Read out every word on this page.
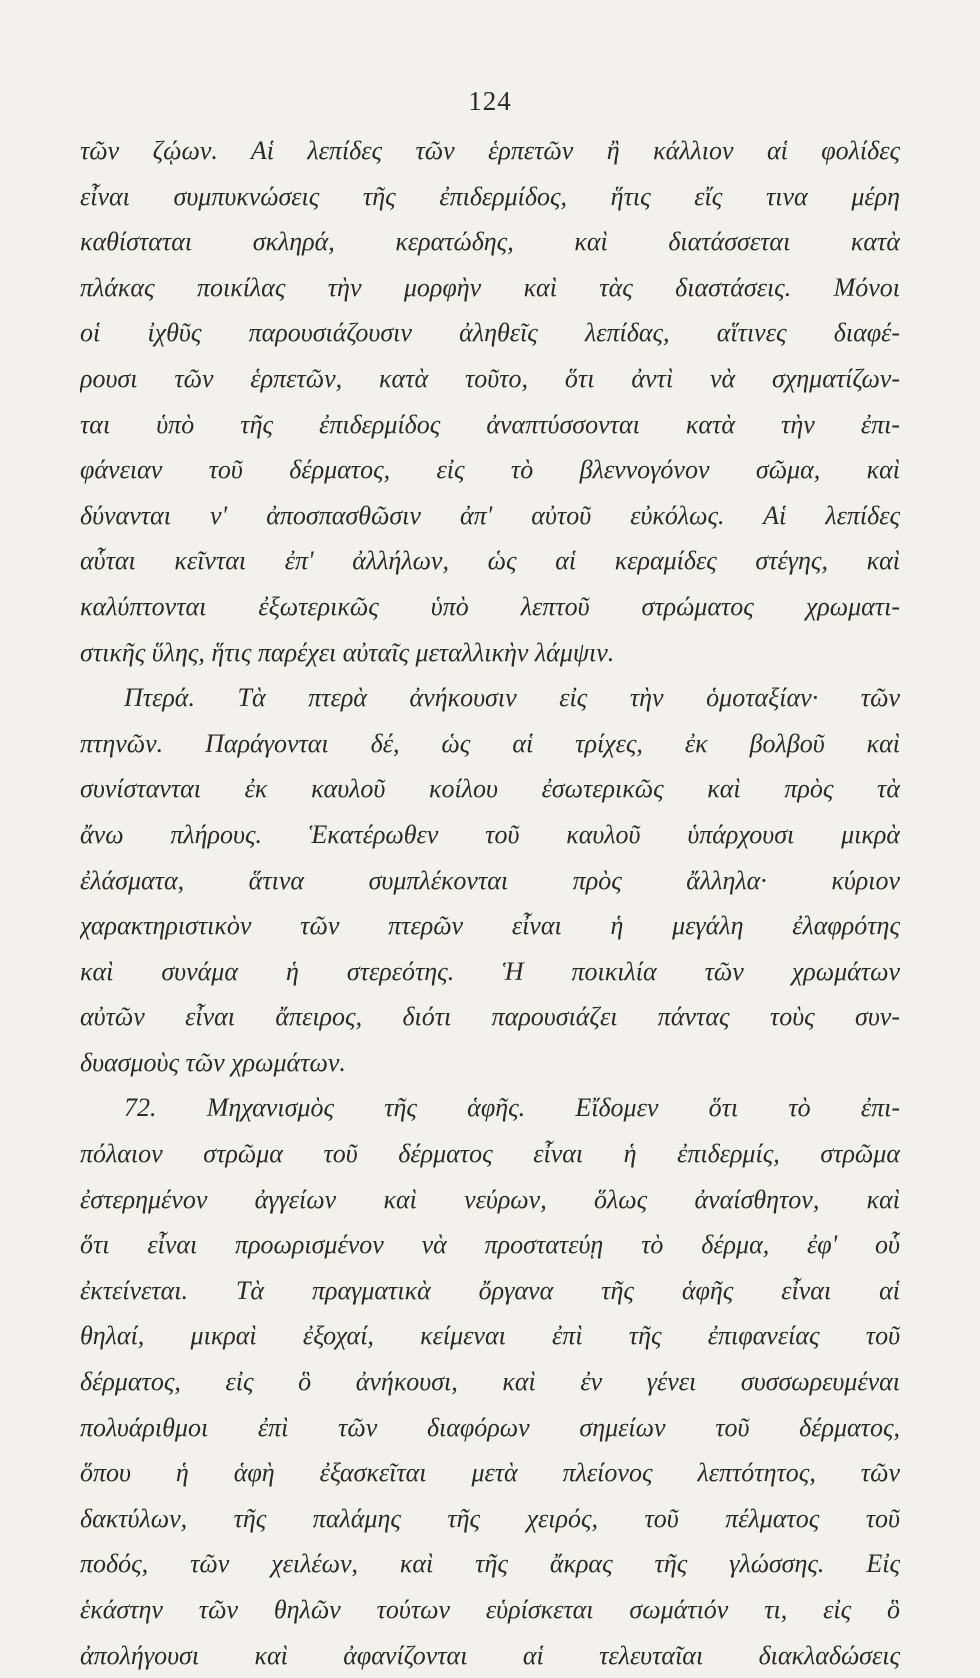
124
τῶν ζῴων. Αἱ λεπίδες τῶν ἑρπετῶν ἢ κάλλιον αἱ φολίδες
εἶναι συμπυκνώσεις τῆς ἐπιδερμίδος, ἥτις εἴς τινα μέρη
καθίσταται σκληρά, κερατώδης, καὶ διατάσσεται κατὰ
πλάκας ποικίλας τὴν μορφὴν καὶ τὰς διαστάσεις. Μόνοι
οἱ ἰχθῦς παρουσιάζουσιν ἀληθεῖς λεπίδας, αἵτινες διαφέ-
ρουσι τῶν ἑρπετῶν, κατὰ τοῦτο, ὅτι ἀντὶ νὰ σχηματίζων-
ται ὑπὸ τῆς ἐπιδερμίδος ἀναπτύσσονται κατὰ τὴν ἐπι-
φάνειαν τοῦ δέρματος, εἰς τὸ βλεννογόνον σῶμα, καὶ
δύνανται ν' ἀποσπασθῶσιν ἀπ' αὐτοῦ εὐκόλως. Αἱ λεπίδες
αὗται κεῖνται ἐπ' ἀλλήλων, ὡς αἱ κεραμίδες στέγης, καὶ
καλύπτονται ἐξωτερικῶς ὑπὸ λεπτοῦ στρώματος χρωματι-
στικῆς ὕλης, ἥτις παρέχει αὐταῖς μεταλλικὴν λάμψιν.
Πτερά. Τὰ πτερὰ ἀνήκουσιν εἰς τὴν ὁμοταξίαν· τῶν
πτηνῶν. Παράγονται δέ, ὡς αἱ τρίχες, ἐκ βολβοῦ καὶ
συνίστανται ἐκ καυλοῦ κοίλου ἐσωτερικῶς καὶ πρὸς τὰ
ἄνω πλήρους. Ἑκατέρωθεν τοῦ καυλοῦ ὑπάρχουσι μικρὰ
ἐλάσματα, ἅτινα συμπλέκονται πρὸς ἄλληλα· κύριον
χαρακτηριστικὸν τῶν πτερῶν εἶναι ἡ μεγάλη ἐλαφρότης
καὶ συνάμα ἡ στερεότης. Ἡ ποικιλία τῶν χρωμάτων
αὐτῶν εἶναι ἄπειρος, διότι παρουσιάζει πάντας τοὺς συν-
δυασμοὺς τῶν χρωμάτων.
72. Μηχανισμὸς τῆς ἁφῆς. Εἴδομεν ὅτι τὸ ἐπι-
πόλαιον στρῶμα τοῦ δέρματος εἶναι ἡ ἐπιδερμίς, στρῶμα
ἐστερημένον ἀγγείων καὶ νεύρων, ὅλως ἀναίσθητον, καὶ
ὅτι εἶναι προωρισμένον νὰ προστατεύῃ τὸ δέρμα, ἐφ' οὗ
ἐκτείνεται. Τὰ πραγματικὰ ὄργανα τῆς ἁφῆς εἶναι αἱ
θηλαί, μικραὶ ἐξοχαί, κείμεναι ἐπὶ τῆς ἐπιφανείας τοῦ
δέρματος, εἰς ὃ ἀνήκουσι, καὶ ἐν γένει συσσωρευμέναι
πολυάριθμοι ἐπὶ τῶν διαφόρων σημείων τοῦ δέρματος,
ὅπου ἡ ἁφὴ ἐξασκεῖται μετὰ πλείονος λεπτότητος, τῶν
δακτύλων, τῆς παλάμης τῆς χειρός, τοῦ πέλματος τοῦ
ποδός, τῶν χειλέων, καὶ τῆς ἄκρας τῆς γλώσσης. Εἰς
ἑκάστην τῶν θηλῶν τούτων εὑρίσκεται σωμάτιόν τι, εἰς ὃ
ἀπολήγουσι καὶ ἀφανίζονται αἱ τελευταῖαι διακλαδώσεις
